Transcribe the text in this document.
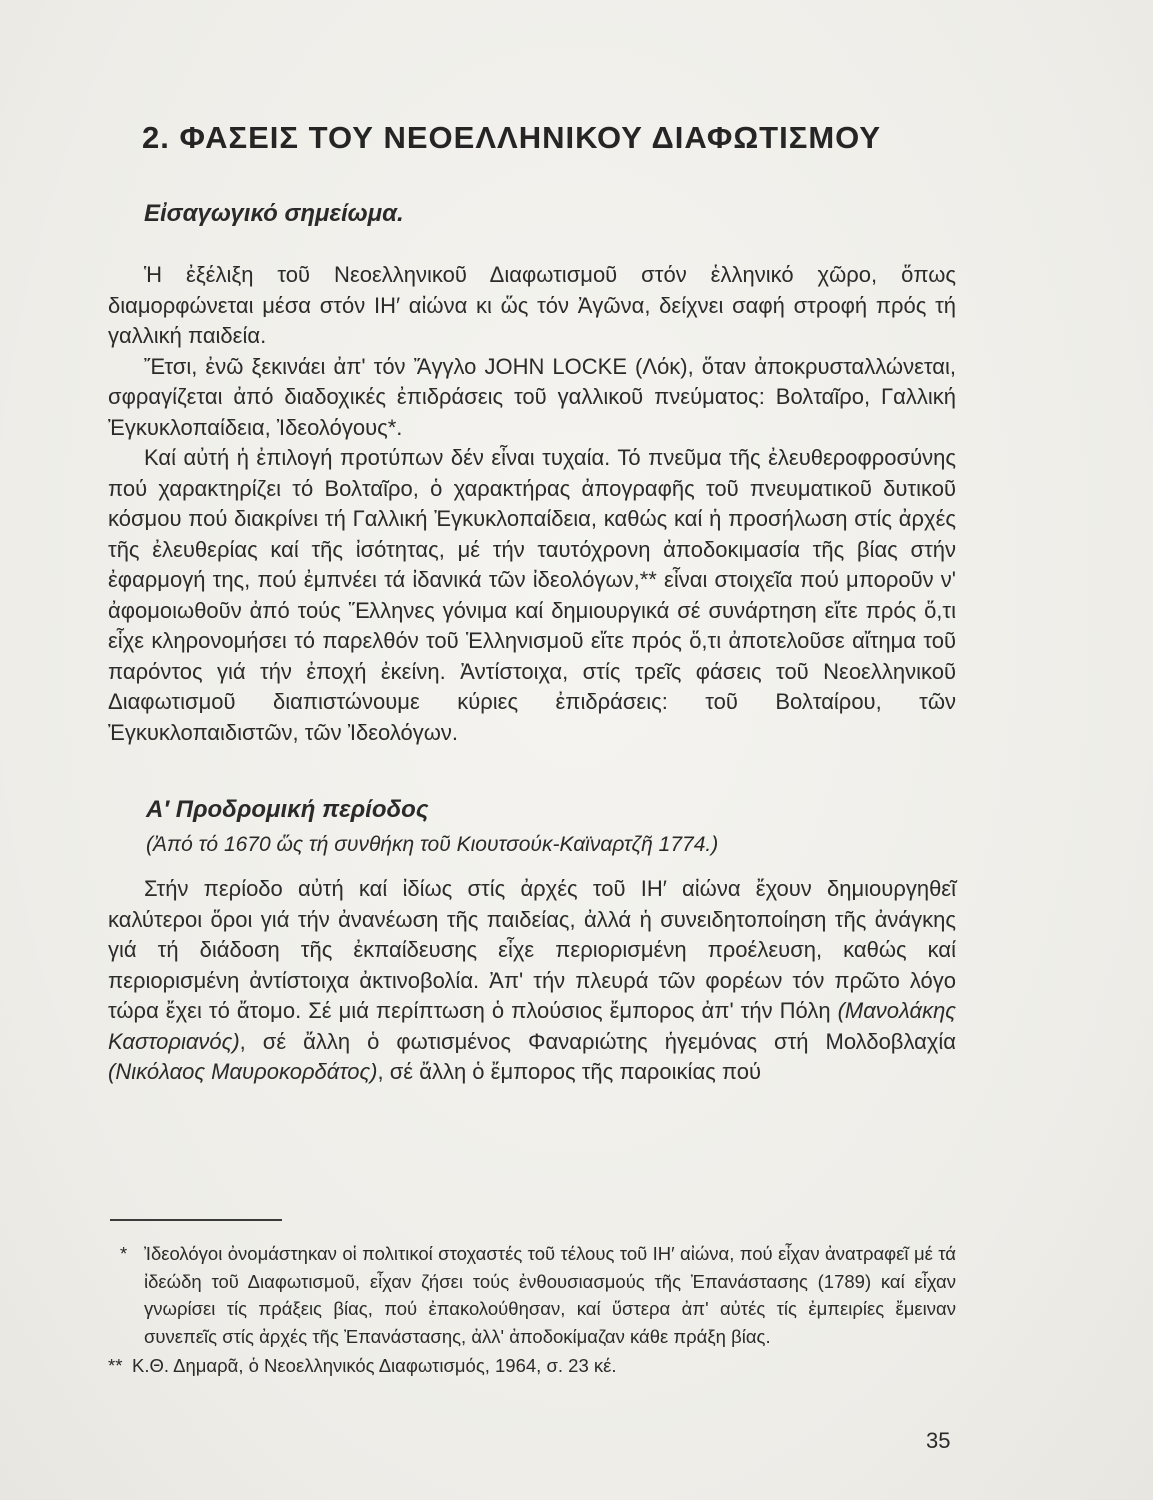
2. ΦΑΣΕΙΣ ΤΟΥ ΝΕΟΕΛΛΗΝΙΚΟΥ ΔΙΑΦΩΤΙΣΜΟΥ
Εἰσαγωγικό σημείωμα.

Ἡ ἐξέλιξη τοῦ Νεοελληνικοῦ Διαφωτισμοῦ στόν ἑλληνικό χῶρο, ὅπως διαμορφώνεται μέσα στόν ΙΗ′ αἰώνα κι ὥς τόν Ἀγῶνα, δείχνει σαφή στροφή πρός τή γαλλική παιδεία.

Ἔτσι, ἐνῶ ξεκινάει ἀπ' τόν Ἄγγλο JOHN LOCKE (Λόκ), ὅταν ἀποκρυσταλλώνεται, σφραγίζεται ἀπό διαδοχικές ἐπιδράσεις τοῦ γαλλικοῦ πνεύματος: Βολταῖρο, Γαλλική Ἐγκυκλοπαίδεια, Ἰδεολόγους*.

Καί αὐτή ἡ ἐπιλογή προτύπων δέν εἶναι τυχαία. Τό πνεῦμα τῆς ἐλευθεροφροσύνης πού χαρακτηρίζει τό Βολταῖρο, ὁ χαρακτήρας ἀπογραφῆς τοῦ πνευματικοῦ δυτικοῦ κόσμου πού διακρίνει τή Γαλλική Ἐγκυκλοπαίδεια, καθώς καί ἡ προσήλωση στίς ἀρχές τῆς ἐλευθερίας καί τῆς ἰσότητας, μέ τήν ταυτόχρονη ἀποδοκιμασία τῆς βίας στήν ἐφαρμογή της, πού ἐμπνέει τά ἰδανικά τῶν ἰδεολόγων,** εἶναι στοιχεῖα πού μποροῦν ν' ἀφομοιωθοῦν ἀπό τούς Ἕλληνες γόνιμα καί δημιουργικά σέ συνάρτηση εἴτε πρός ὅ,τι εἶχε κληρονομήσει τό παρελθόν τοῦ Ἑλληνισμοῦ εἴτε πρός ὅ,τι ἀποτελοῦσε αἴτημα τοῦ παρόντος γιά τήν ἐποχή ἐκείνη. Ἀντίστοιχα, στίς τρεῖς φάσεις τοῦ Νεοελληνικοῦ Διαφωτισμοῦ διαπιστώνουμε κύριες ἐπιδράσεις: τοῦ Βολταίρου, τῶν Ἐγκυκλοπαιδιστῶν, τῶν Ἰδεολόγων.

Α′ Προδρομική περίοδος
(Ἀπό τό 1670 ὥς τή συνθήκη τοῦ Κιουτσούκ-Καϊναρτζῆ 1774.)

Στήν περίοδο αὐτή καί ἰδίως στίς ἀρχές τοῦ ΙΗ′ αἰώνα ἔχουν δημιουργηθεῖ καλύτεροι ὅροι γιά τήν ἀνανέωση τῆς παιδείας, ἀλλά ἡ συνειδητοποίηση τῆς ἀνάγκης γιά τή διάδοση τῆς ἐκπαίδευσης εἶχε περιορισμένη προέλευση, καθώς καί περιορισμένη ἀντίστοιχα ἀκτινοβολία. Ἀπ' τήν πλευρά τῶν φορέων τόν πρῶτο λόγο τώρα ἔχει τό ἄτομο. Σέ μιά περίπτωση ὁ πλούσιος ἔμπορος ἀπ' τήν Πόλη (Μανολάκης Καστοριανός), σέ ἄλλη ὁ φωτισμένος Φαναριώτης ἡγεμόνας στή Μολδοβλαχία (Νικόλαος Μαυροκορδάτος), σέ ἄλλη ὁ ἔμπορος τῆς παροικίας πού

* Ἰδεολόγοι ὀνομάστηκαν οἱ πολιτικοί στοχαστές τοῦ τέλους τοῦ ΙΗ′ αἰώνα, πού εἶχαν ἀνατραφεῖ μέ τά ἰδεώδη τοῦ Διαφωτισμοῦ, εἶχαν ζήσει τούς ἐνθουσιασμούς τῆς Ἐπανάστασης (1789) καί εἶχαν γνωρίσει τίς πράξεις βίας, πού ἐπακολούθησαν, καί ὕστερα ἀπ' αὐτές τίς ἐμπειρίες ἔμειναν συνεπεῖς στίς ἀρχές τῆς Ἐπανάστασης, ἀλλ' ἀποδοκίμαζαν κάθε πράξη βίας.

** Κ.Θ. Δημαρᾶ, ὁ Νεοελληνικός Διαφωτισμός, 1964, σ. 23 κέ.

35
